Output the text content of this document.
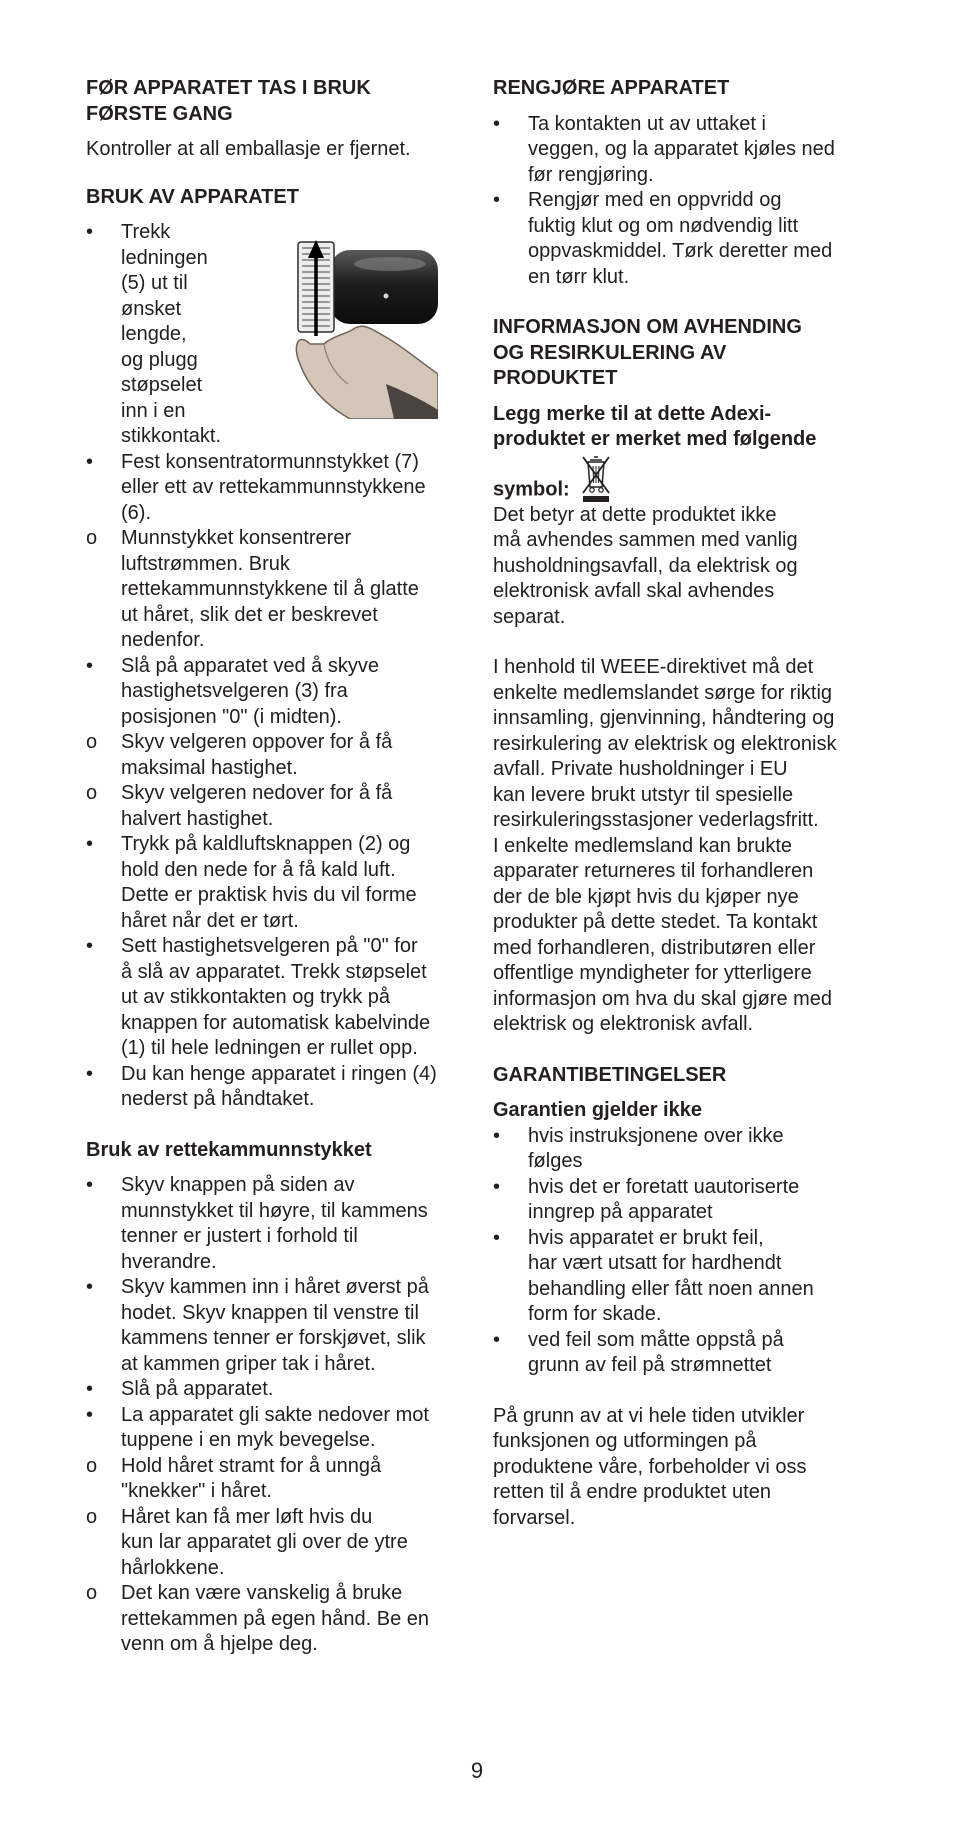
FØR APPARATET TAS I BRUK
FØRSTE GANG

Kontroller at all emballasje er fjernet.

BRUK AV APPARATET

•	Trekk
ledningen
(5) ut til
ønsket
lengde,
og plugg
støpselet
inn i en
stikkontakt.
•	Fest konsentratormunnstykket (7)
eller ett av rettekammunnstykkene
(6).
o	Munnstykket konsentrerer
luftstrømmen. Bruk
rettekammunnstykkene til å glatte
ut håret, slik det er beskrevet
nedenfor.
•	Slå på apparatet ved å skyve
hastighetsvelgeren (3) fra
posisjonen "0" (i midten).
o	Skyv velgeren oppover for å få
maksimal hastighet.
o	Skyv velgeren nedover for å få
halvert hastighet.
•	Trykk på kaldluftsknappen (2) og
hold den nede for å få kald luft.
Dette er praktisk hvis du vil forme
håret når det er tørt.
•	Sett hastighetsvelgeren på "0" for
å slå av apparatet. Trekk støpselet
ut av stikkontakten og trykk på
knappen for automatisk kabelvinde
(1) til hele ledningen er rullet opp.
•	Du kan henge apparatet i ringen (4)
nederst på håndtaket.

Bruk av rettekammunnstykket

•	Skyv knappen på siden av
munnstykket til høyre, til kammens
tenner er justert i forhold til
hverandre.
•	Skyv kammen inn i håret øverst på
hodet. Skyv knappen til venstre til
kammens tenner er forskjøvet, slik
at kammen griper tak i håret.
•	Slå på apparatet.
•	La apparatet gli sakte nedover mot
tuppene i en myk bevegelse.
o	Hold håret stramt for å unngå
"knekker" i håret.
o	Håret kan få mer løft hvis du
kun lar apparatet gli over de ytre
hårlokkene.
o	Det kan være vanskelig å bruke
rettekammen på egen hånd. Be en
venn om å hjelpe deg.

RENGJØRE APPARATET

•	Ta kontakten ut av uttaket i
veggen, og la apparatet kjøles ned
før rengjøring.
•	Rengjør med en oppvridd og
fuktig klut og om nødvendig litt
oppvaskmiddel. Tørk deretter med
en tørr klut.

INFORMASJON OM AVHENDING
OG RESIRKULERING AV
PRODUKTET

Legg merke til at dette Adexi-
produktet er merket med følgende

symbol:

Det betyr at dette produktet ikke
må avhendes sammen med vanlig
husholdningsavfall, da elektrisk og
elektronisk avfall skal avhendes
separat.

I henhold til WEEE-direktivet må det
enkelte medlemslandet sørge for riktig
innsamling, gjenvinning, håndtering og
resirkulering av elektrisk og elektronisk
avfall. Private husholdninger i EU
kan levere brukt utstyr til spesielle
resirkuleringsstasjoner vederlagsfritt.
I enkelte medlemsland kan brukte
apparater returneres til forhandleren
der de ble kjøpt hvis du kjøper nye
produkter på dette stedet. Ta kontakt
med forhandleren, distributøren eller
offentlige myndigheter for ytterligere
informasjon om hva du skal gjøre med
elektrisk og elektronisk avfall.

GARANTIBETINGELSER

Garantien gjelder ikke

•	hvis instruksjonene over ikke
følges
•	hvis det er foretatt uautoriserte
inngrep på apparatet
•	hvis apparatet er brukt feil,
har vært utsatt for hardhendt
behandling eller fått noen annen
form for skade.
•	ved feil som måtte oppstå på
grunn av feil på strømnettet

På grunn av at vi hele tiden utvikler
funksjonen og utformingen på
produktene våre, forbeholder vi oss
retten til å endre produktet uten
forvarsel.

9
